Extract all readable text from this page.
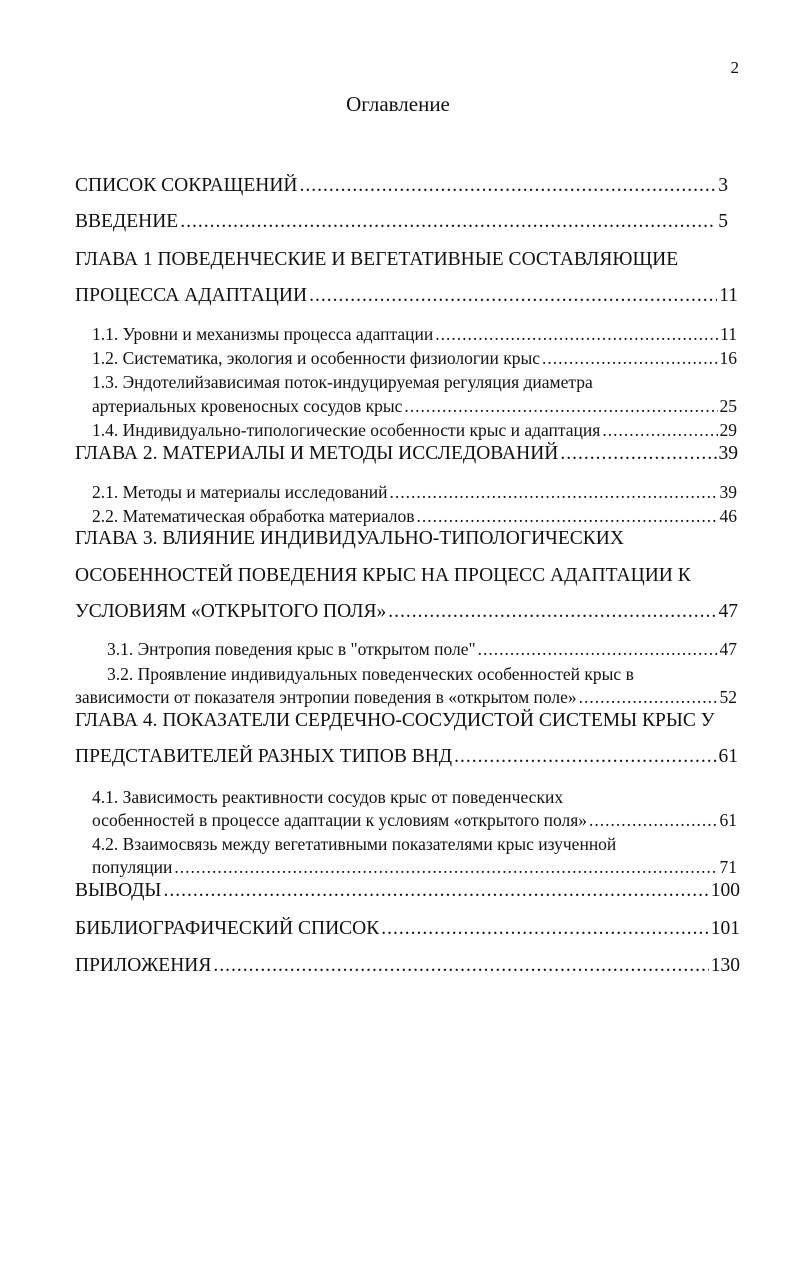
2
Оглавление
СПИСОК СОКРАЩЕНИЙ .....	3
ВВЕДЕНИЕ .....	5
ГЛАВА 1 ПОВЕДЕНЧЕСКИЕ И ВЕГЕТАТИВНЫЕ СОСТАВЛЯЮЩИЕ
ПРОЦЕССА АДАПТАЦИИ .....	11
1.1. Уровни и механизмы процесса адаптации .....	11
1.2. Систематика, экология и особенности физиологии крыс .....	16
1.3. Эндотелийзависимая поток-индуцируемая регуляция диаметра
артериальных кровеносных сосудов крыс .....	25
1.4. Индивидуально-типологические особенности крыс и адаптация .....	29
ГЛАВА 2. МАТЕРИАЛЫ И МЕТОДЫ ИССЛЕДОВАНИЙ .....	39
2.1. Методы и материалы исследований .....	39
2.2. Математическая обработка материалов .....	46
ГЛАВА 3. ВЛИЯНИЕ ИНДИВИДУАЛЬНО-ТИПОЛОГИЧЕСКИХ
ОСОБЕННОСТЕЙ ПОВЕДЕНИЯ КРЫС НА ПРОЦЕСС АДАПТАЦИИ К
УСЛОВИЯМ «ОТКРЫТОГО ПОЛЯ» .....	47
3.1. Энтропия поведения крыс в "открытом поле" .....	47
3.2. Проявление индивидуальных поведенческих особенностей крыс в
зависимости от показателя энтропии поведения в «открытом поле» .....	52
ГЛАВА 4. ПОКАЗАТЕЛИ СЕРДЕЧНО-СОСУДИСТОЙ СИСТЕМЫ КРЫС У
ПРЕДСТАВИТЕЛЕЙ РАЗНЫХ ТИПОВ ВНД .....	61
4.1. Зависимость реактивности сосудов крыс от поведенческих
особенностей в процессе адаптации к условиям «открытого поля» .....	61
4.2. Взаимосвязь между вегетативными показателями крыс изученной
популяции .....	71
ВЫВОДЫ .....	100
БИБЛИОГРАФИЧЕСКИЙ СПИСОК .....	101
ПРИЛОЖЕНИЯ .....	130
